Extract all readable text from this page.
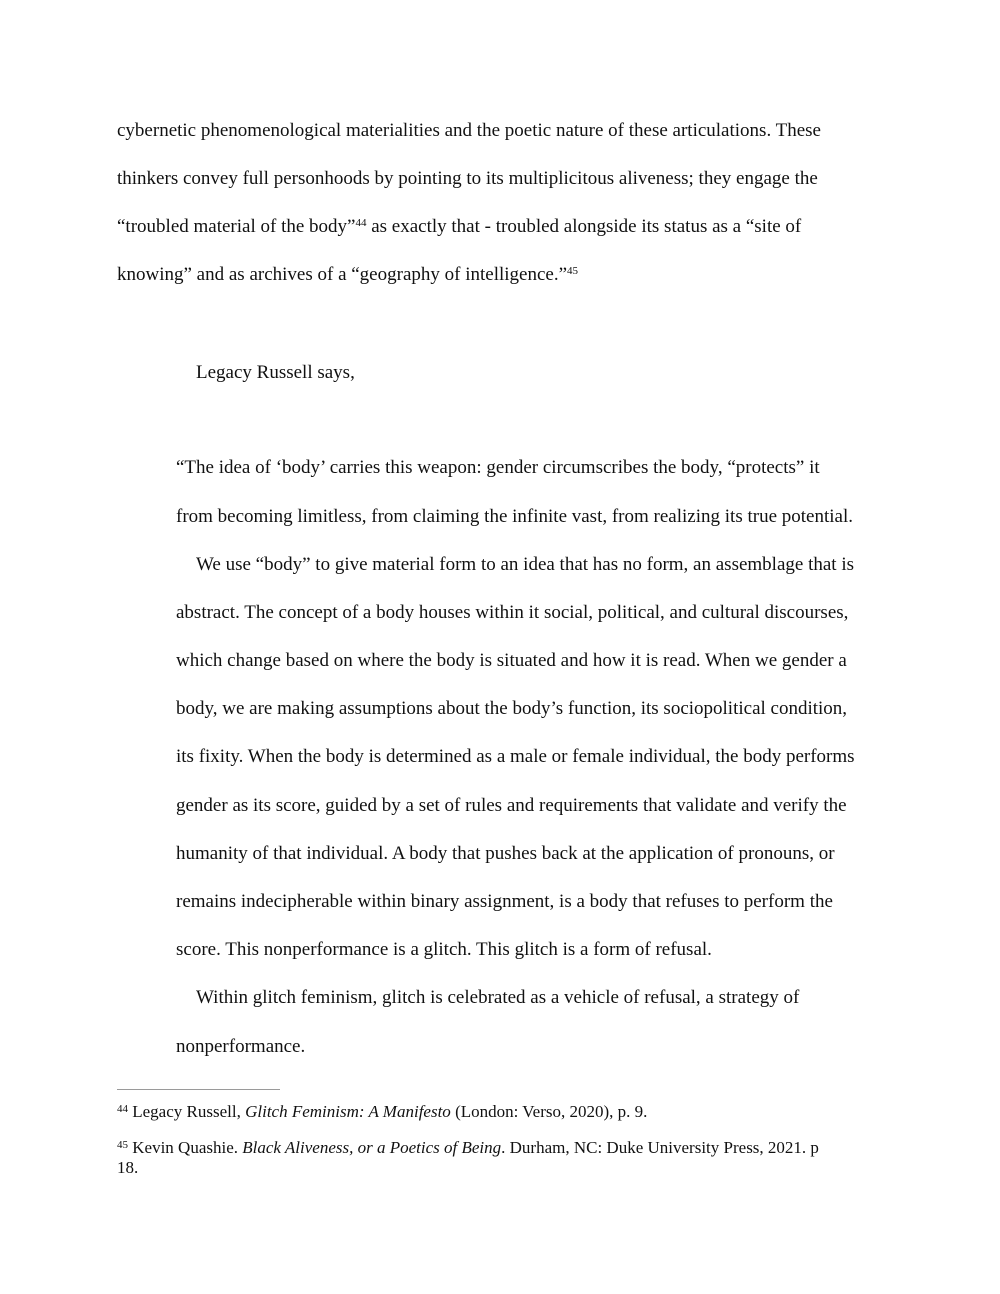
cybernetic phenomenological materialities and the poetic nature of these articulations. These
thinkers convey full personhoods by pointing to its multiplicitous aliveness; they engage the
“troubled material of the body”$^{44}$ as exactly that - troubled alongside its status as a “site of
knowing” and as archives of a “geography of intelligence.”$^{45}$
Legacy Russell says,
“The idea of ‘body’ carries this weapon: gender circumscribes the body, “protects” it
from becoming limitless, from claiming the infinite vast, from realizing its true potential.
We use “body” to give material form to an idea that has no form, an assemblage that is
abstract. The concept of a body houses within it social, political, and cultural discourses,
which change based on where the body is situated and how it is read. When we gender a
body, we are making assumptions about the body’s function, its sociopolitical condition,
its fixity. When the body is determined as a male or female individual, the body performs
gender as its score, guided by a set of rules and requirements that validate and verify the
humanity of that individual. A body that pushes back at the application of pronouns, or
remains indecipherable within binary assignment, is a body that refuses to perform the
score. This nonperformance is a glitch. This glitch is a form of refusal.
Within glitch feminism, glitch is celebrated as a vehicle of refusal, a strategy of
nonperformance.
$^{44}$ Legacy Russell, Glitch Feminism: A Manifesto (London: Verso, 2020), p. 9.
$^{45}$ Kevin Quashie. Black Aliveness, or a Poetics of Being. Durham, NC: Duke University Press, 2021. p
18.
